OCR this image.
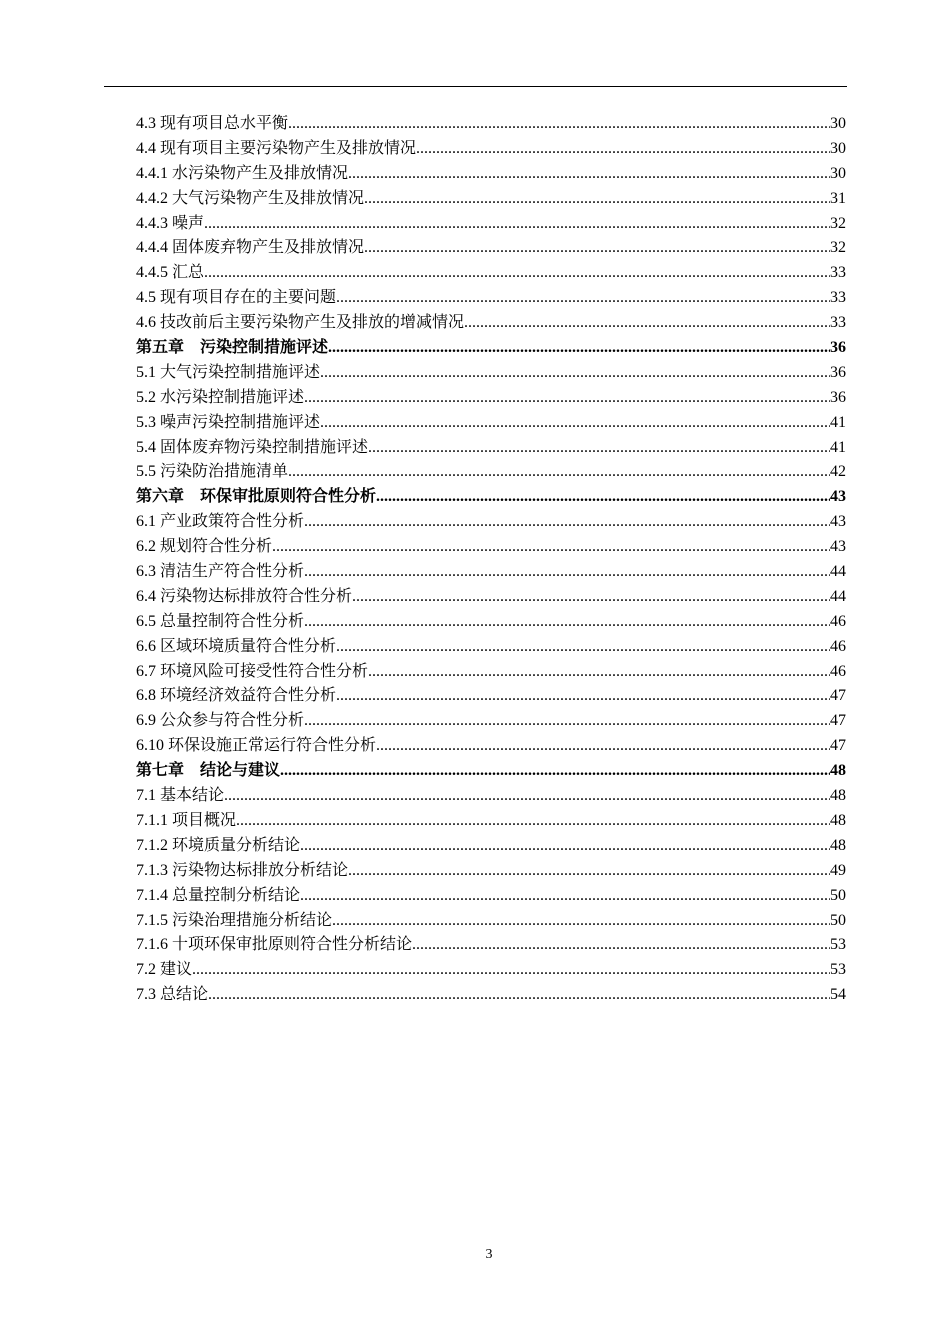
4.3 现有项目总水平衡 .....	30
4.4 现有项目主要污染物产生及排放情况 .....	30
4.4.1 水污染物产生及排放情况 .....	30
4.4.2 大气污染物产生及排放情况 .....	31
4.4.3 噪声 .....	32
4.4.4 固体废弃物产生及排放情况 .....	32
4.4.5 汇总 .....	33
4.5 现有项目存在的主要问题 .....	33
4.6 技改前后主要污染物产生及排放的增减情况 .....	33
第五章　污染控制措施评述 .....	36
5.1 大气污染控制措施评述 .....	36
5.2 水污染控制措施评述 .....	36
5.3 噪声污染控制措施评述 .....	41
5.4 固体废弃物污染控制措施评述 .....	41
5.5 污染防治措施清单 .....	42
第六章　环保审批原则符合性分析 .....	43
6.1 产业政策符合性分析 .....	43
6.2 规划符合性分析 .....	43
6.3 清洁生产符合性分析 .....	44
6.4 污染物达标排放符合性分析 .....	44
6.5 总量控制符合性分析 .....	46
6.6 区域环境质量符合性分析 .....	46
6.7 环境风险可接受性符合性分析 .....	46
6.8 环境经济效益符合性分析 .....	47
6.9 公众参与符合性分析 .....	47
6.10 环保设施正常运行符合性分析 .....	47
第七章　结论与建议 .....	48
7.1 基本结论 .....	48
7.1.1 项目概况 .....	48
7.1.2 环境质量分析结论 .....	48
7.1.3 污染物达标排放分析结论 .....	49
7.1.4 总量控制分析结论 .....	50
7.1.5 污染治理措施分析结论 .....	50
7.1.6 十项环保审批原则符合性分析结论 .....	53
7.2 建议 .....	53
7.3 总结论 .....	54
3
